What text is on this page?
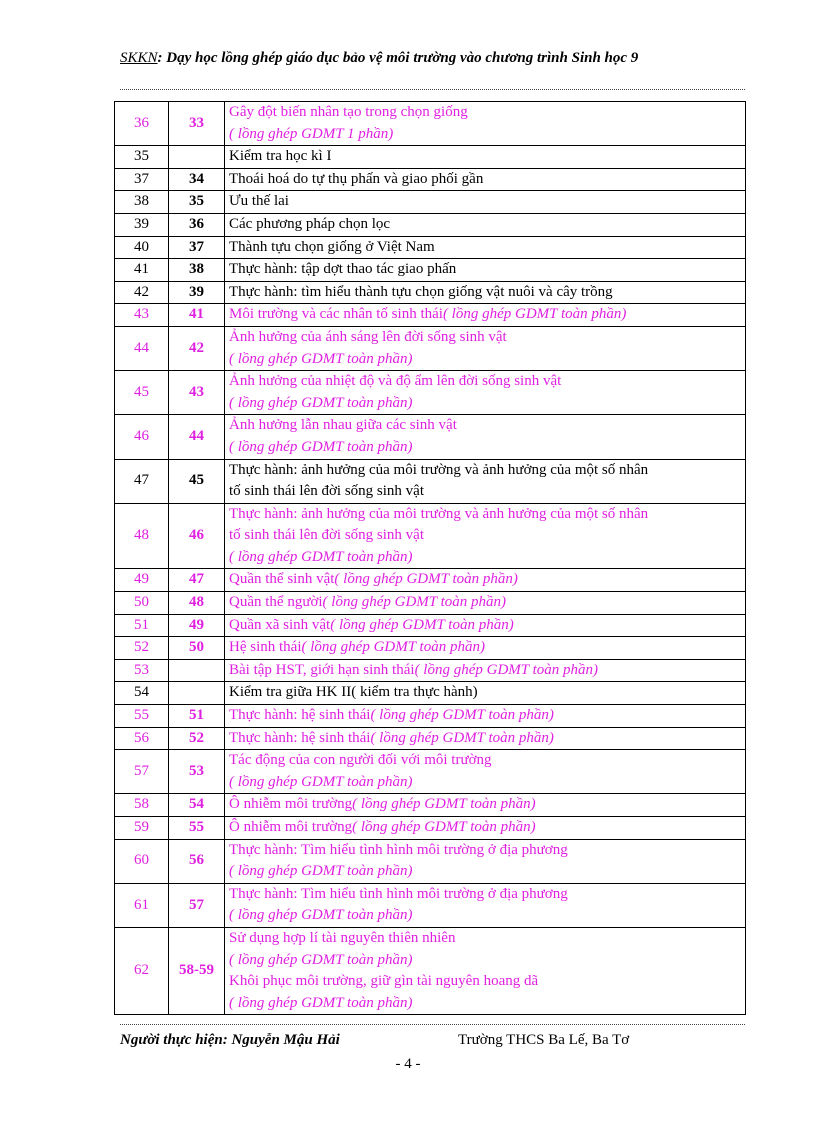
SKKN: Dạy học lồng ghép giáo dục bảo vệ môi trường vào chương trình Sinh học 9
36	33	Gây đột biến nhân tạo trong chọn giống
( lồng ghép GDMT 1 phần)

35		Kiểm tra học kì I

37	34	Thoái hoá do tự thụ phấn và giao phối gần

38	35	Ưu thế lai

39	36	Các phương pháp chọn lọc

40	37	Thành tựu chọn giống ở Việt Nam

41	38	Thực hành: tập dợt thao tác giao phấn

42	39	Thực hành: tìm hiểu thành tựu chọn giống vật nuôi và cây trồng

43	41	Môi trường và các nhân tố sinh thái( lồng ghép GDMT toàn phần)

44	42	Ảnh hưởng của ánh sáng lên đời sống sinh vật
( lồng ghép GDMT toàn phần)

45	43	Ảnh hưởng của nhiệt độ và độ ẩm lên đời sống sinh vật
( lồng ghép GDMT toàn phần)

46	44	Ảnh hưởng lẫn nhau giữa các sinh vật
( lồng ghép GDMT toàn phần)

47	45	Thực hành: ảnh hưởng của môi trường và ảnh hưởng của một số nhân
tố sinh thái lên đời sống sinh vật

48	46	Thực hành: ảnh hưởng của môi trường và ảnh hưởng của một số nhân
tố sinh thái lên đời sống sinh vật
( lồng ghép GDMT toàn phần)

49	47	Quần thể sinh vật( lồng ghép GDMT toàn phần)

50	48	Quần thể người( lồng ghép GDMT toàn phần)

51	49	Quần xã sinh vật( lồng ghép GDMT toàn phần)

52	50	Hệ sinh thái( lồng ghép GDMT toàn phần)

53		Bài tập HST, giới hạn sinh thái( lồng ghép GDMT toàn phần)

54		Kiểm tra giữa HK II( kiểm tra thực hành)

55	51	Thực hành: hệ sinh thái( lồng ghép GDMT toàn phần)

56	52	Thực hành: hệ sinh thái( lồng ghép GDMT toàn phần)

57	53	Tác động của con người đối với môi trường
( lồng ghép GDMT toàn phần)

58	54	Ô nhiễm môi trường( lồng ghép GDMT toàn phần)

59	55	Ô nhiễm môi trường( lồng ghép GDMT toàn phần)

60	56	Thực hành: Tìm hiểu tình hình môi trường ở địa phương
( lồng ghép GDMT toàn phần)

61	57	Thực hành: Tìm hiểu tình hình môi trường ở địa phương
( lồng ghép GDMT toàn phần)

62	58-59	Sử dụng hợp lí tài nguyên thiên nhiên
( lồng ghép GDMT toàn phần)
Khôi phục môi trường, giữ gìn tài nguyên hoang dã
( lồng ghép GDMT toàn phần)
Người thực hiện: Nguyễn Mậu Hải	Trường THCS Ba Lế, Ba Tơ
- 4 -
